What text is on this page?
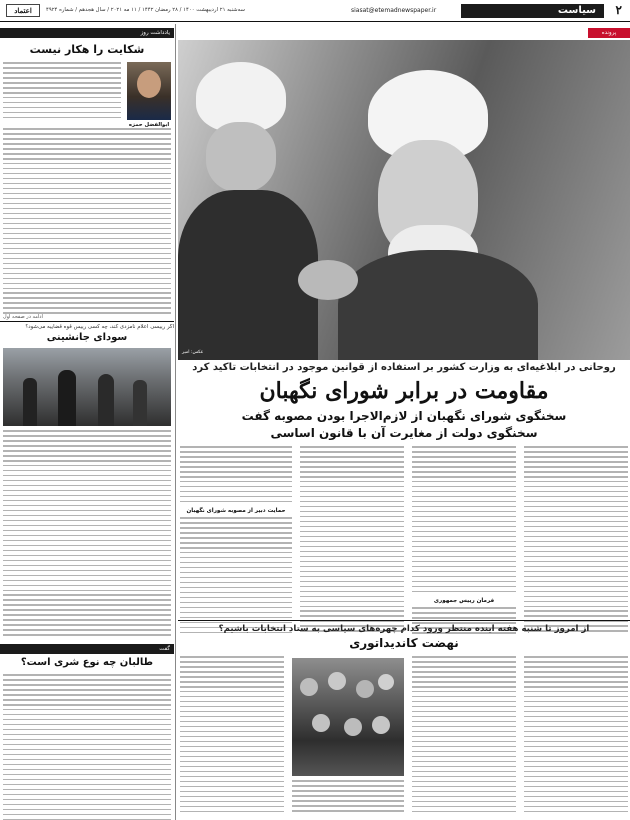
۲
سیاست
siasat@etemadnewspaper.ir
سه‌شنبه ۲۱ اردیبهشت ۱۴۰۰ / ۲۸ رمضان ۱۴۴۲ / ۱۱ مه ۲۰۲۱ / سال هجدهم / شماره ۴۹۲۴
اعتماد
یادداشت روز
شکایت را هکار نیست
ابوالفضل حمزه
ادامه در صفحه اول
اگر رییسی اعلام نامزدی کند، چه کسی رییس قوه قضاییه می‌شود؟
سودای جانشینی
گفت
طالبان چه نوع شری است؟
پرونده
عکس: امیر
روحانی در ابلاغیه‌ای به وزارت کشور بر استفاده از قوانین موجود در انتخابات تاکید کرد
مقاومت در برابر شورای نگهبان
سخنگوی شورای نگهبان از لازم‌الاجرا بودن مصوبه گفت
سخنگوی دولت از مغایرت آن با قانون اساسی
فرمان رییس جمهوری
حمایت دبیر از مصوبه شورای نگهبان
از امروز تا شنبه هفته آینده منتظر ورود کدام چهره‌های سیاسی به ستاد انتخابات باشیم؟
نهضت کاندیداتوری
